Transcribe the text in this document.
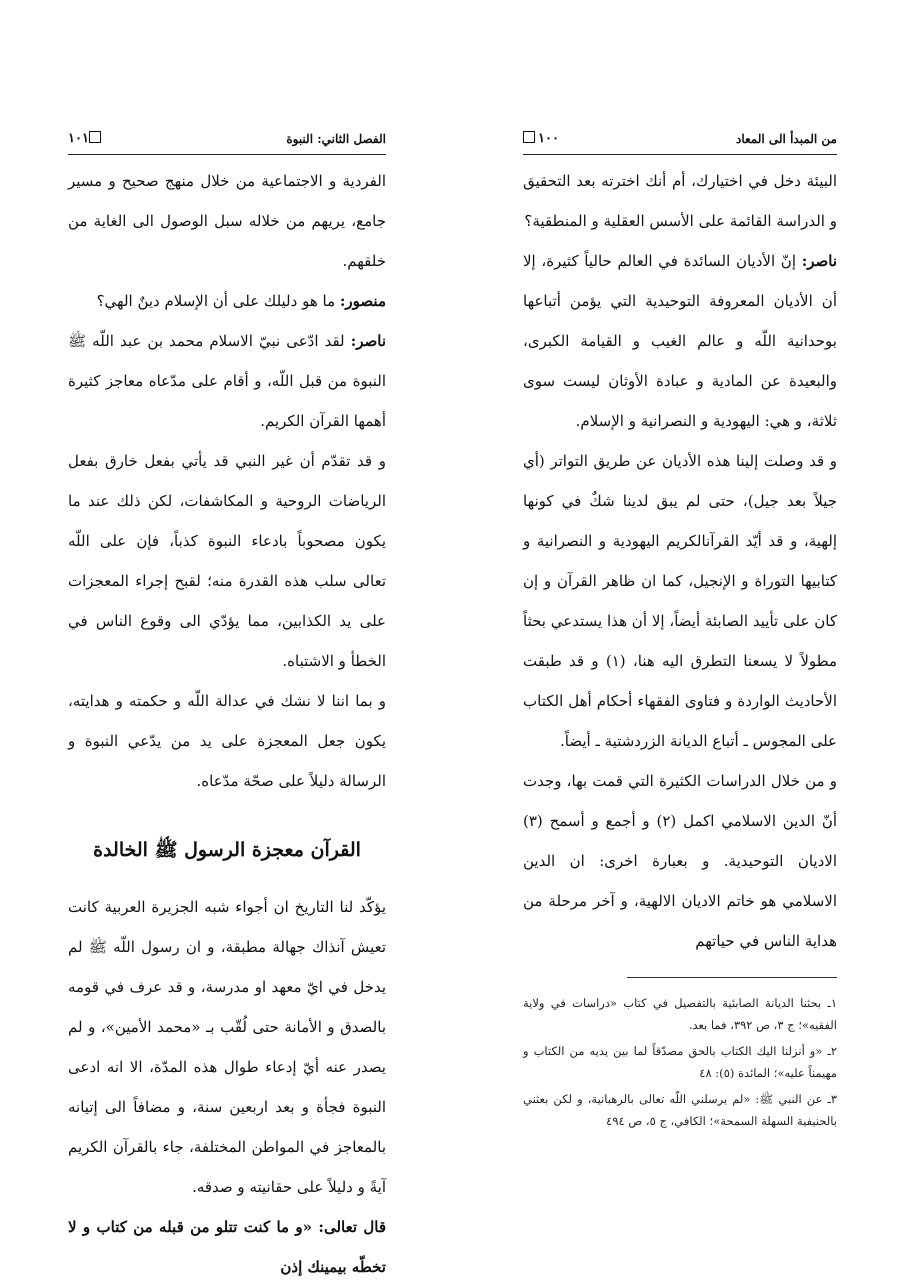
من المبدأ الى المعاد
١٠٠

البيئة دخل في اختيارك، أم أنك اخترته بعد التحقيق و الدراسة القائمة على الأسس العقلية و المنطقية؟

ناصر: إنّ الأديان السائدة في العالم حالياً كثيرة، إلا أن الأديان المعروفة التوحيدية التي يؤمن أتباعها بوحدانية اللّه و عالم الغيب و القيامة الكبرى، والبعيدة عن المادية و عبادة الأوثان ليست سوى ثلاثة، و هي: اليهودية و النصرانية و الإسلام.

و قد وصلت إلينا هذه الأديان عن طريق التواتر (أي جيلاً بعد جيل)، حتى لم يبق لدينا شكٌ في كونها إلهية، و قد أيّد القرآنالكريم اليهودية و النصرانية و كتابيها التوراة و الإنجيل، كما ان ظاهر القرآن و إن كان على تأييد الصابئة أيضاً، إلا أن هذا يستدعي بحثاً مطولاً لا يسعنا التطرق اليه هنا، (١) و قد طبقت الأحاديث الواردة و فتاوى الفقهاء أحكام أهل الكتاب على المجوس ـ أتباع الديانة الزردشتية ـ أيضاً.

و من خلال الدراسات الكثيرة التي قمت بها، وجدت أنّ الدين الاسلامي اكمل (٢) و أجمع و أسمح (٣) الاديان التوحيدية. و بعبارة اخرى: ان الدين الاسلامي هو خاتم الاديان الالهية، و آخر مرحلة من هداية الناس في حياتهم

١ـ بحثنا الديانة الصابئية بالتفصيل في كتاب «دراسات في ولاية الفقيه»؛ ج ٣، ص ٣٩٢، فما بعد.

٢ـ «و أنزلنا اليك الكتاب بالحق مصدّقاً لما بين يديه من الكتاب و مهيمناً عليه»؛ المائدة (٥): ٤٨

٣ـ عن النبي ﷺ: «لم يرسلني اللّه تعالى بالرهبانية، و لكن بعثني بالحنيفية السهلة السمحة»؛ الكافي، ج ٥، ص ٤٩٤

الفصل الثاني: النبوة
١٠١

الفردية و الاجتماعية من خلال منهج صحيح و مسير جامع، يريهم من خلاله سبل الوصول الى الغاية من خلقهم.

منصور: ما هو دليلك على أن الإسلام دينٌ الهي؟

ناصر: لقد ادّعى نبيّ الاسلام محمد بن عبد اللّه ﷺ النبوة من قبل اللّه، و أقام على مدّعاه معاجز كثيرة أهمها القرآن الكريم.

و قد تقدّم أن غير النبي قد يأتي بفعل خارق بفعل الرياضات الروحية و المكاشفات، لكن ذلك عند ما يكون مصحوباً بادعاء النبوة كذباً، فإن على اللّه تعالى سلب هذه القدرة منه؛ لقبح إجراء المعجزات على يد الكذابين، مما يؤدّي الى وقوع الناس في الخطأ و الاشتباه.

و بما اننا لا نشك في عدالة اللّه و حكمته و هدايته، يكون جعل المعجزة على يد من يدّعي النبوة و الرسالة دليلاً على صحّة مدّعاه.

القرآن معجزة الرسول ﷺ الخالدة

يؤكّد لنا التاريخ ان أجواء شبه الجزيرة العربية كانت تعيش آنذاك جهالة مطبقة، و ان رسول اللّه ﷺ لم يدخل في ايّ معهد او مدرسة، و قد عرف في قومه بالصدق و الأمانة حتى لُقّب بـ «محمد الأمين»، و لم يصدر عنه أيّ إدعاء طوال هذه المدّة، الا انه ادعى النبوة فجأة و بعد اربعين سنة، و مضافاً الى إتيانه بالمعاجز في المواطن المختلفة، جاء بالقرآن الكريم آيةً و دليلاً على حقانيته و صدقه.

قال تعالى: «و ما كنت تتلو من قبله من كتاب و لا تخطّه بيمينك إذن
